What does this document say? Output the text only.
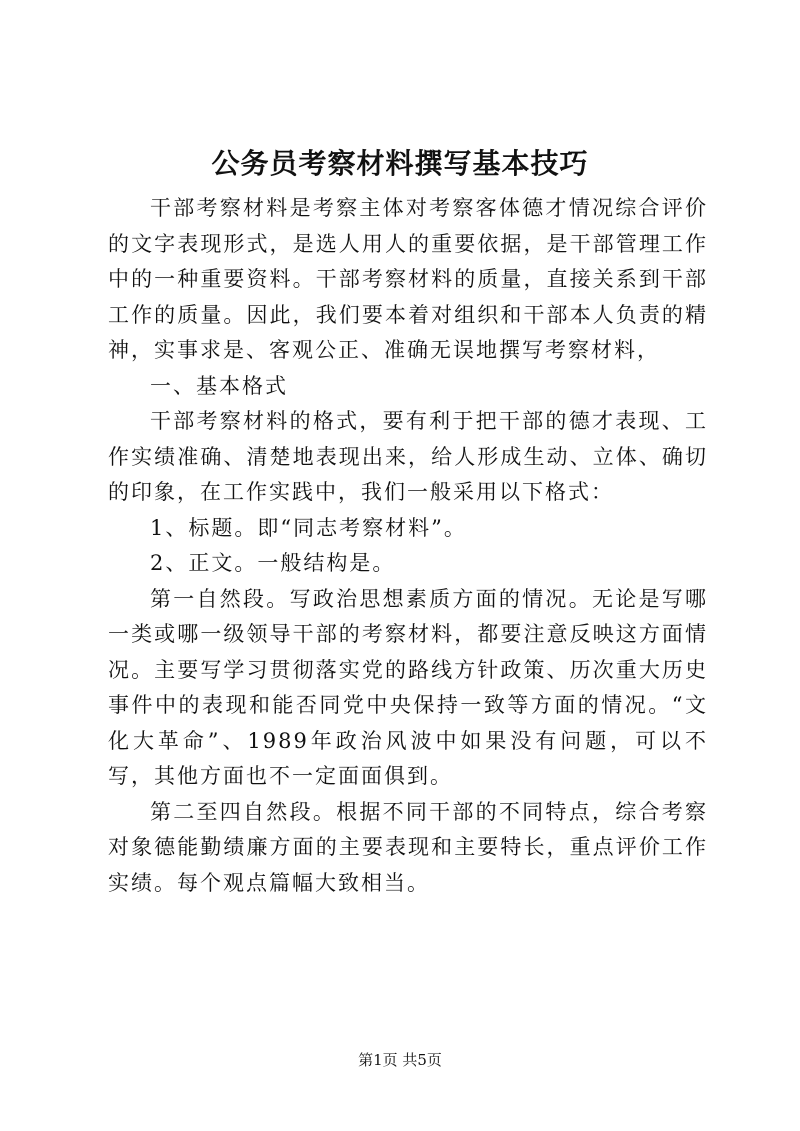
公务员考察材料撰写基本技巧

干部考察材料是考察主体对考察客体德才情况综合评价的文字表现形式，是选人用人的重要依据，是干部管理工作中的一种重要资料。干部考察材料的质量，直接关系到干部工作的质量。因此，我们要本着对组织和干部本人负责的精神，实事求是、客观公正、准确无误地撰写考察材料，

一、基本格式

干部考察材料的格式，要有利于把干部的德才表现、工作实绩准确、清楚地表现出来，给人形成生动、立体、确切的印象，在工作实践中，我们一般采用以下格式：

1、标题。即“同志考察材料”。

2、正文。一般结构是。

第一自然段。写政治思想素质方面的情况。无论是写哪一类或哪一级领导干部的考察材料，都要注意反映这方面情况。主要写学习贯彻落实党的路线方针政策、历次重大历史事件中的表现和能否同党中央保持一致等方面的情况。“文化大革命”、1989年政治风波中如果没有问题，可以不写，其他方面也不一定面面俱到。

第二至四自然段。根据不同干部的不同特点，综合考察对象德能勤绩廉方面的主要表现和主要特长，重点评价工作实绩。每个观点篇幅大致相当。

第1页 共5页
